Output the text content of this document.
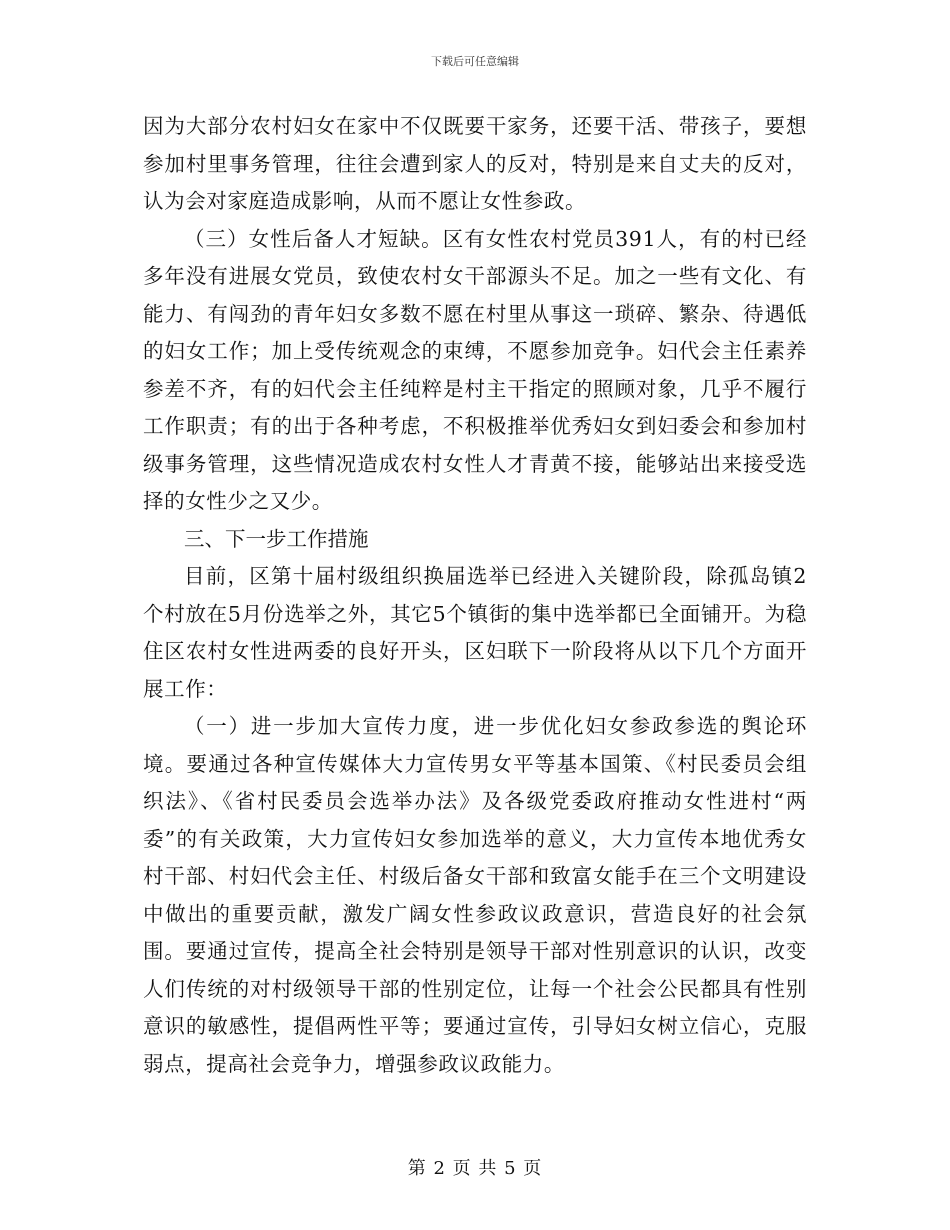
下载后可任意编辑

因为大部分农村妇女在家中不仅既要干家务，还要干活、带孩子，要想参加村里事务管理，往往会遭到家人的反对，特别是来自丈夫的反对，认为会对家庭造成影响，从而不愿让女性参政。

（三）女性后备人才短缺。区有女性农村党员391人，有的村已经多年没有进展女党员，致使农村女干部源头不足。加之一些有文化、有能力、有闯劲的青年妇女多数不愿在村里从事这一琐碎、繁杂、待遇低的妇女工作；加上受传统观念的束缚，不愿参加竞争。妇代会主任素养参差不齐，有的妇代会主任纯粹是村主干指定的照顾对象，几乎不履行工作职责；有的出于各种考虑，不积极推举优秀妇女到妇委会和参加村级事务管理，这些情况造成农村女性人才青黄不接，能够站出来接受选择的女性少之又少。

三、下一步工作措施

目前，区第十届村级组织换届选举已经进入关键阶段，除孤岛镇2个村放在5月份选举之外，其它5个镇街的集中选举都已全面铺开。为稳住区农村女性进两委的良好开头，区妇联下一阶段将从以下几个方面开展工作：

（一）进一步加大宣传力度，进一步优化妇女参政参选的舆论环境。要通过各种宣传媒体大力宣传男女平等基本国策、《村民委员会组织法》、《省村民委员会选举办法》及各级党委政府推动女性进村“两委”的有关政策，大力宣传妇女参加选举的意义，大力宣传本地优秀女村干部、村妇代会主任、村级后备女干部和致富女能手在三个文明建设中做出的重要贡献，激发广阔女性参政议政意识，营造良好的社会氛围。要通过宣传，提高全社会特别是领导干部对性别意识的认识，改变人们传统的对村级领导干部的性别定位，让每一个社会公民都具有性别意识的敏感性，提倡两性平等；要通过宣传，引导妇女树立信心，克服弱点，提高社会竞争力，增强参政议政能力。

第 2 页 共 5 页
